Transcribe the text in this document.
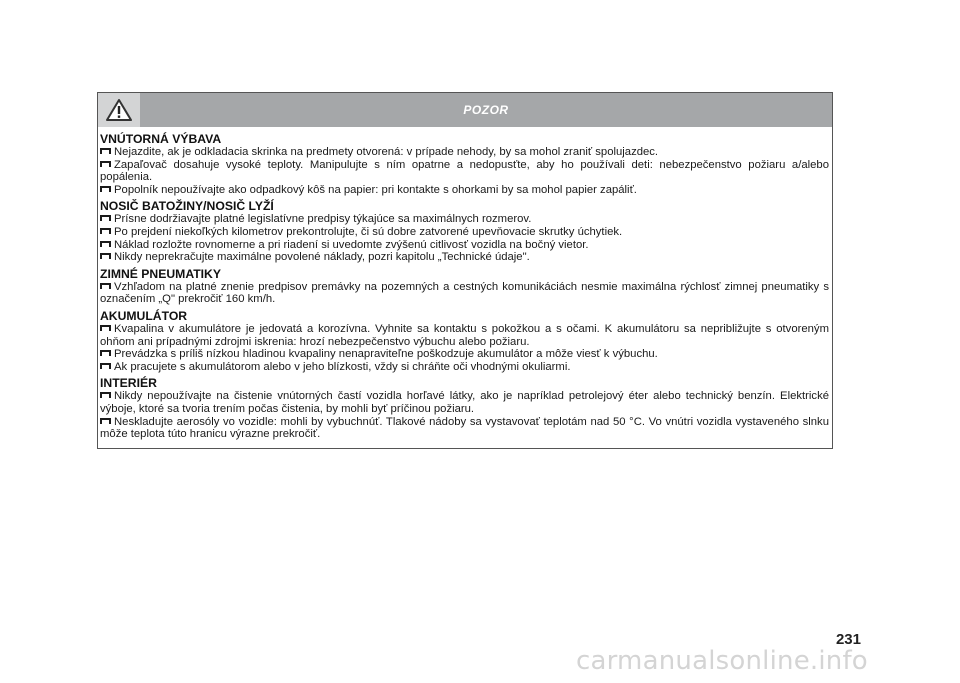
POZOR
VNÚTORNÁ VÝBAVA

Nejazdite, ak je odkladacia skrinka na predmety otvorená: v prípade nehody, by sa mohol zraniť spolujazdec.

Zapaľovač dosahuje vysoké teploty. Manipulujte s ním opatrne a nedopusťte, aby ho používali deti: nebezpečenstvo požiaru a/alebo popálenia.

Popolník nepoužívajte ako odpadkový kôš na papier: pri kontakte s ohorkami by sa mohol papier zapáliť.

NOSIČ BATOŽINY/NOSIČ LYŽÍ

Prísne dodržiavajte platné legislatívne predpisy týkajúce sa maximálnych rozmerov.

Po prejdení niekoľkých kilometrov prekontrolujte, či sú dobre zatvorené upevňovacie skrutky úchytiek.

Náklad rozložte rovnomerne a pri riadení si uvedomte zvýšenú citlivosť vozidla na bočný vietor.

Nikdy neprekračujte maximálne povolené náklady, pozri kapitolu „Technické údaje".

ZIMNÉ PNEUMATIKY

Vzhľadom na platné znenie predpisov premávky na pozemných a cestných komunikáciách nesmie maximálna rýchlosť zimnej pneumatiky s označením „Q" prekročiť 160 km/h.

AKUMULÁTOR

Kvapalina v akumulátore je jedovatá a korozívna. Vyhnite sa kontaktu s pokožkou a s očami. K akumulátoru sa nepribližujte s otvoreným ohňom ani prípadnými zdrojmi iskrenia: hrozí nebezpečenstvo výbuchu alebo požiaru.

Prevádzka s príliš nízkou hladinou kvapaliny nenapraviteľne poškodzuje akumulátor a môže viesť k výbuchu.

Ak pracujete s akumulátorom alebo v jeho blízkosti, vždy si chráňte oči vhodnými okuliarmi.

INTERIÉR

Nikdy nepoužívajte na čistenie vnútorných častí vozidla horľavé látky, ako je napríklad petrolejový éter alebo technický benzín. Elektrické výboje, ktoré sa tvoria trením počas čistenia, by mohli byť príčinou požiaru.

Neskladujte aerosóly vo vozidle: mohli by vybuchnúť. Tlakové nádoby sa vystavovať teplotám nad 50 °C. Vo vnútri vozidla vystaveného slnku môže teplota túto hranicu výrazne prekročiť.

231
carmanualsonline.info
